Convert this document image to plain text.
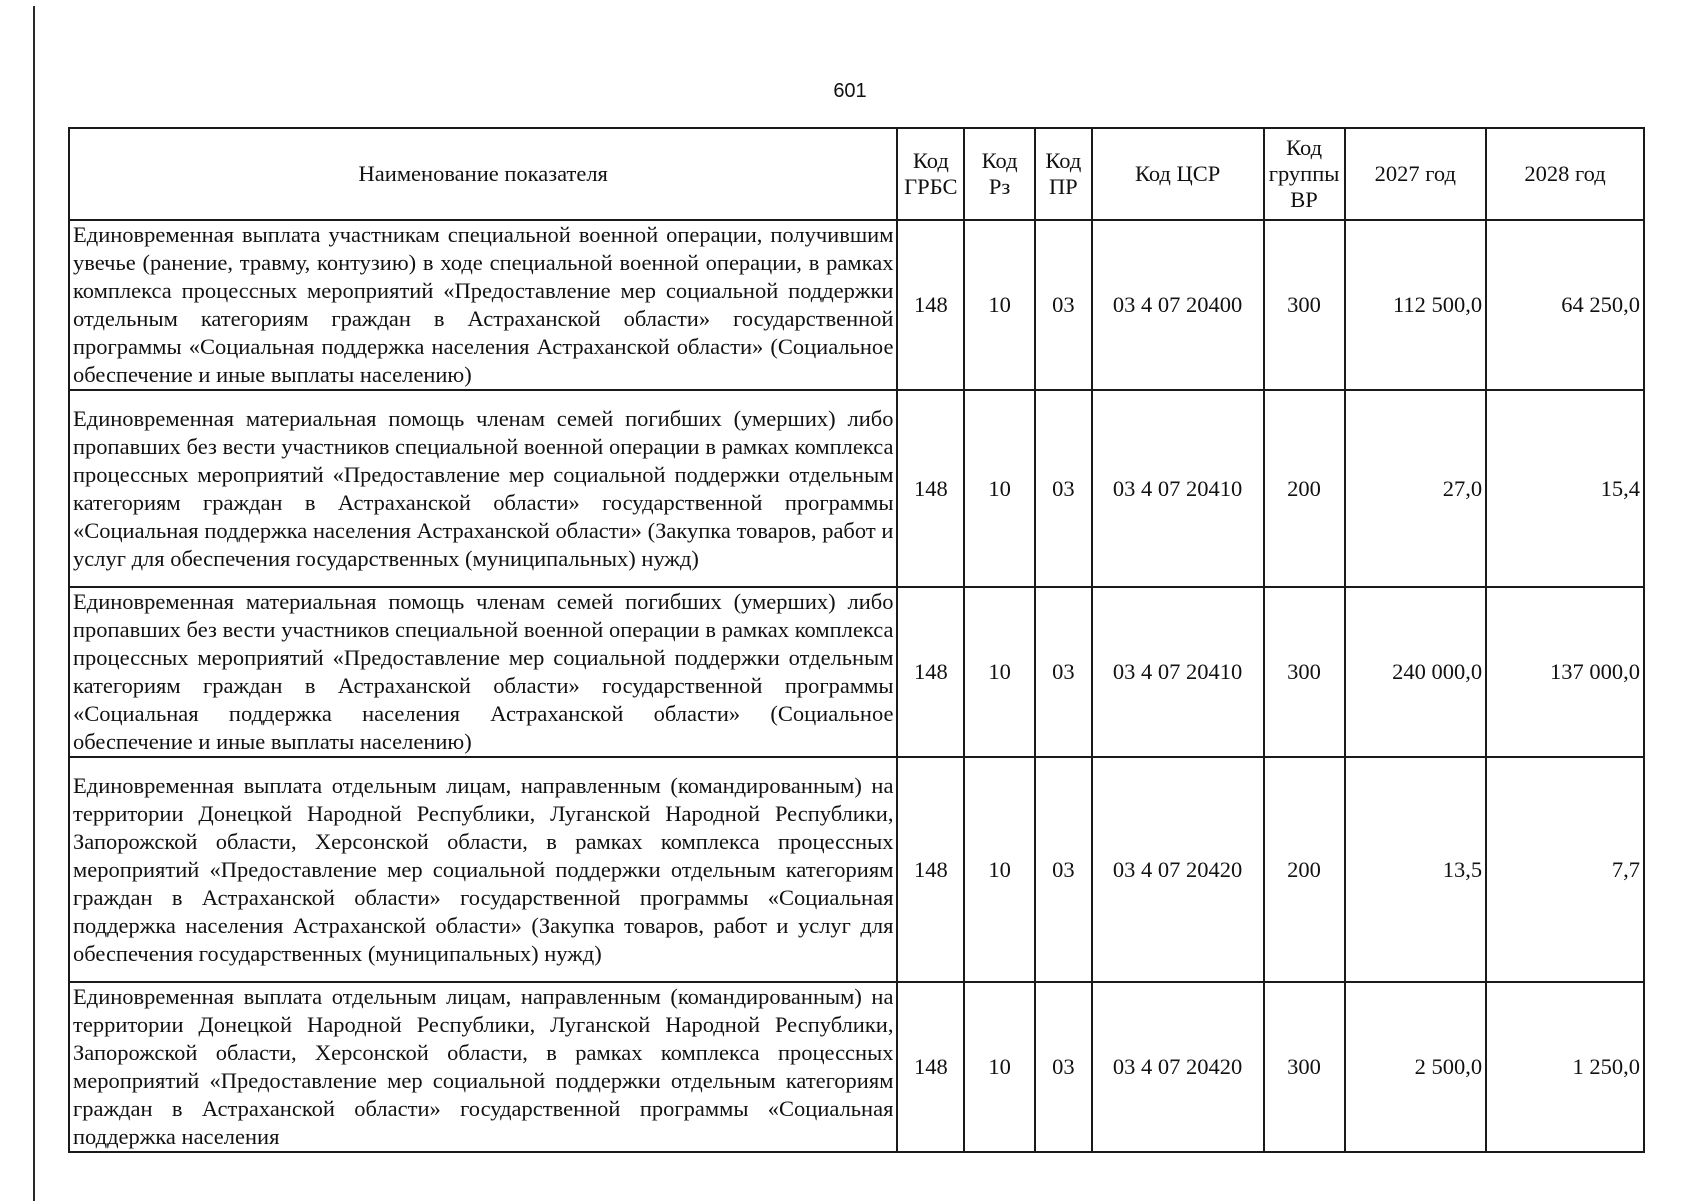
601
Наименование показателя	Код ГРБС	Код Рз	Код ПР	Код ЦСР	Код группы ВР	2027 год	2028 год
Единовременная выплата участникам специальной военной операции, получившим увечье (ранение, травму, контузию) в ходе специальной военной операции, в рамках комплекса процессных мероприятий «Предоставление мер социальной поддержки отдельным категориям граждан в Астраханской области» государственной программы «Социальная поддержка населения Астраханской области» (Социальное обеспечение и иные выплаты населению)	148	10	03	03 4 07 20400	300	112 500,0	64 250,0
Единовременная материальная помощь членам семей погибших (умерших) либо пропавших без вести участников специальной военной операции в рамках комплекса процессных мероприятий «Предоставление мер социальной поддержки отдельным категориям граждан в Астраханской области» государственной программы «Социальная поддержка населения Астраханской области» (Закупка товаров, работ и услуг для обеспечения государственных (муниципальных) нужд)	148	10	03	03 4 07 20410	200	27,0	15,4
Единовременная материальная помощь членам семей погибших (умерших) либо пропавших без вести участников специальной военной операции в рамках комплекса процессных мероприятий «Предоставление мер социальной поддержки отдельным категориям граждан в Астраханской области» государственной программы «Социальная поддержка населения Астраханской области» (Социальное обеспечение и иные выплаты населению)	148	10	03	03 4 07 20410	300	240 000,0	137 000,0
Единовременная выплата отдельным лицам, направленным (командированным) на территории Донецкой Народной Республики, Луганской Народной Республики, Запорожской области, Херсонской области, в рамках комплекса процессных мероприятий «Предоставление мер социальной поддержки отдельным категориям граждан в Астраханской области» государственной программы «Социальная поддержка населения Астраханской области» (Закупка товаров, работ и услуг для обеспечения государственных (муниципальных) нужд)	148	10	03	03 4 07 20420	200	13,5	7,7

Единовременная выплата отдельным лицам, направленным (командированным) на территории Донецкой Народной Республики, Луганской Народной Республики, Запорожской области, Херсонской области, в рамках комплекса процессных мероприятий «Предоставление мер социальной поддержки отдельным категориям граждан в Астраханской области» государственной программы «Социальная поддержка населения	148	10	03	03 4 07 20420	300	2 500,0	1 250,0
